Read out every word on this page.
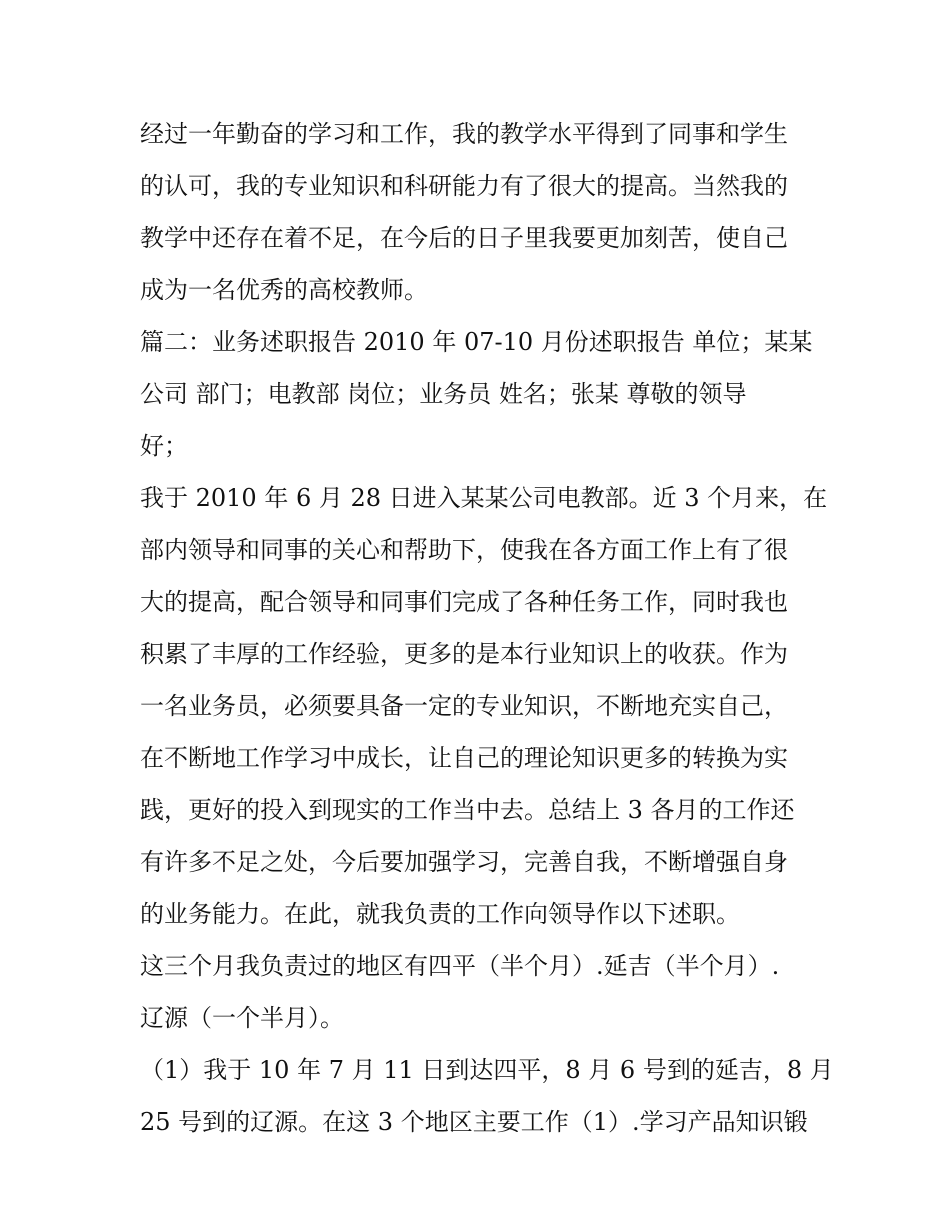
经过一年勤奋的学习和工作，我的教学水平得到了同事和学生
的认可，我的专业知识和科研能力有了很大的提高。当然我的
教学中还存在着不足，在今后的日子里我要更加刻苦，使自己
成为一名优秀的高校教师。
篇二：业务述职报告 2010 年 07-10 月份述职报告 单位；某某
公司 部门；电教部 岗位；业务员 姓名；张某 尊敬的领导
好；
我于 2010 年 6 月 28 日进入某某公司电教部。近 3 个月来，在
部内领导和同事的关心和帮助下，使我在各方面工作上有了很
大的提高，配合领导和同事们完成了各种任务工作，同时我也
积累了丰厚的工作经验，更多的是本行业知识上的收获。作为
一名业务员，必须要具备一定的专业知识，不断地充实自己，
在不断地工作学习中成长，让自己的理论知识更多的转换为实
践，更好的投入到现实的工作当中去。总结上 3 各月的工作还
有许多不足之处，今后要加强学习，完善自我，不断增强自身
的业务能力。在此，就我负责的工作向领导作以下述职。
这三个月我负责过的地区有四平（半个月）.延吉（半个月）.
辽源（一个半月）。
（1）我于 10 年 7 月 11 日到达四平，8 月 6 号到的延吉，8 月
25 号到的辽源。在这 3 个地区主要工作（1）.学习产品知识锻
